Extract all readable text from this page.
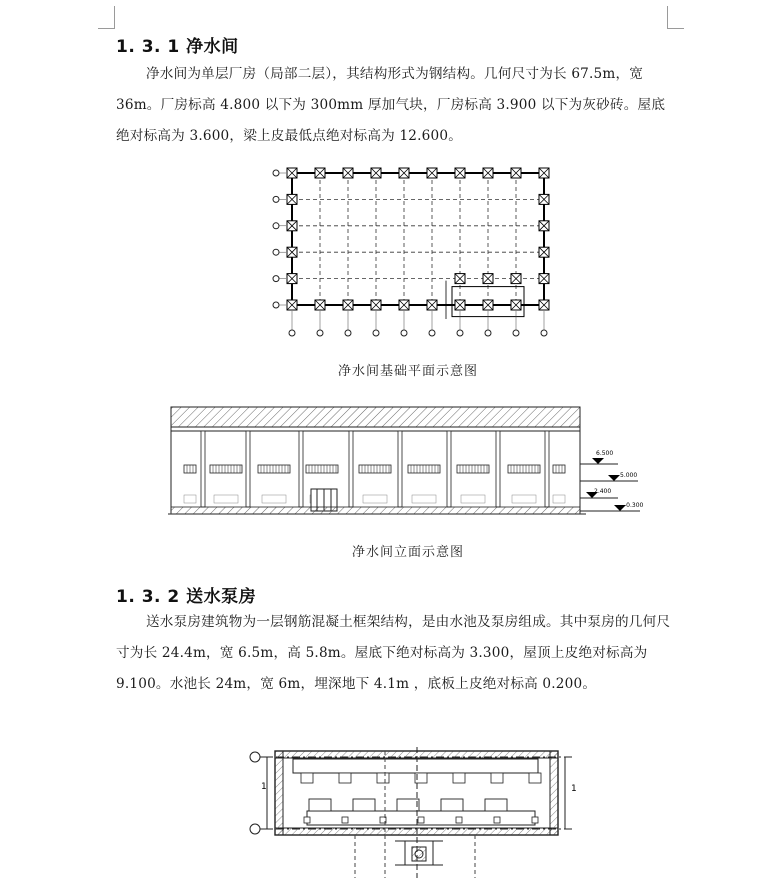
1. 3. 1 净水间

净水间为单层厂房（局部二层），其结构形式为钢结构。几何尺寸为长 67.5m，宽 36m。厂房标高 4.800 以下为 300mm 厚加气块，厂房标高 3.900 以下为灰砂砖。屋底绝对标高为 3.600，梁上皮最低点绝对标高为 12.600。

净水间基础平面示意图

6.500
5.000
2.400
-0.300

净水间立面示意图

1. 3. 2 送水泵房

送水泵房建筑物为一层钢筋混凝土框架结构，是由水池及泵房组成。其中泵房的几何尺寸为长 24.4m，宽 6.5m，高 5.8m。屋底下绝对标高为 3.300，屋顶上皮绝对标高为 9.100。水池长 24m，宽 6m，埋深地下 4.1m ，底板上皮绝对标高 0.200。

1	1
